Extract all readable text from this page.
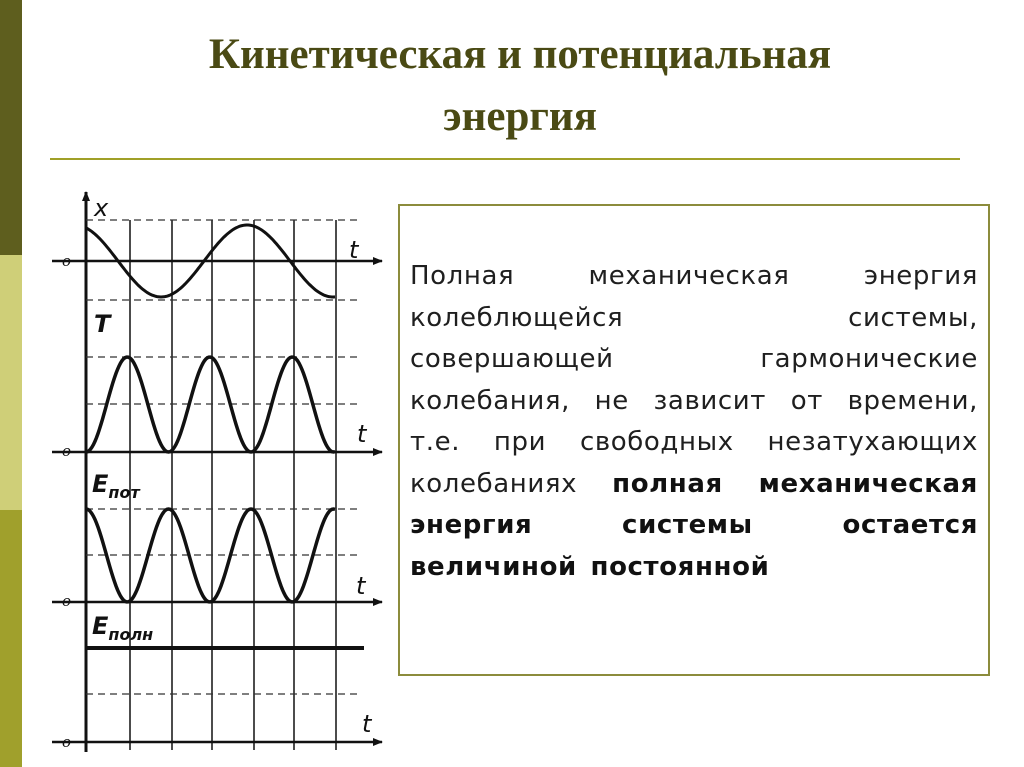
Кинетическая и потенциальная
энергия
x
t
o
T
t
o
$E_{пот}$
t
o
$E_{полн}$
t
o

Полная механическая энергия колеблющейся системы, совершающей гармонические колебания, не зависит от времени, т.е. при свободных незатухающих колебаниях полная механическая энергия системы остается величиной постоянной
